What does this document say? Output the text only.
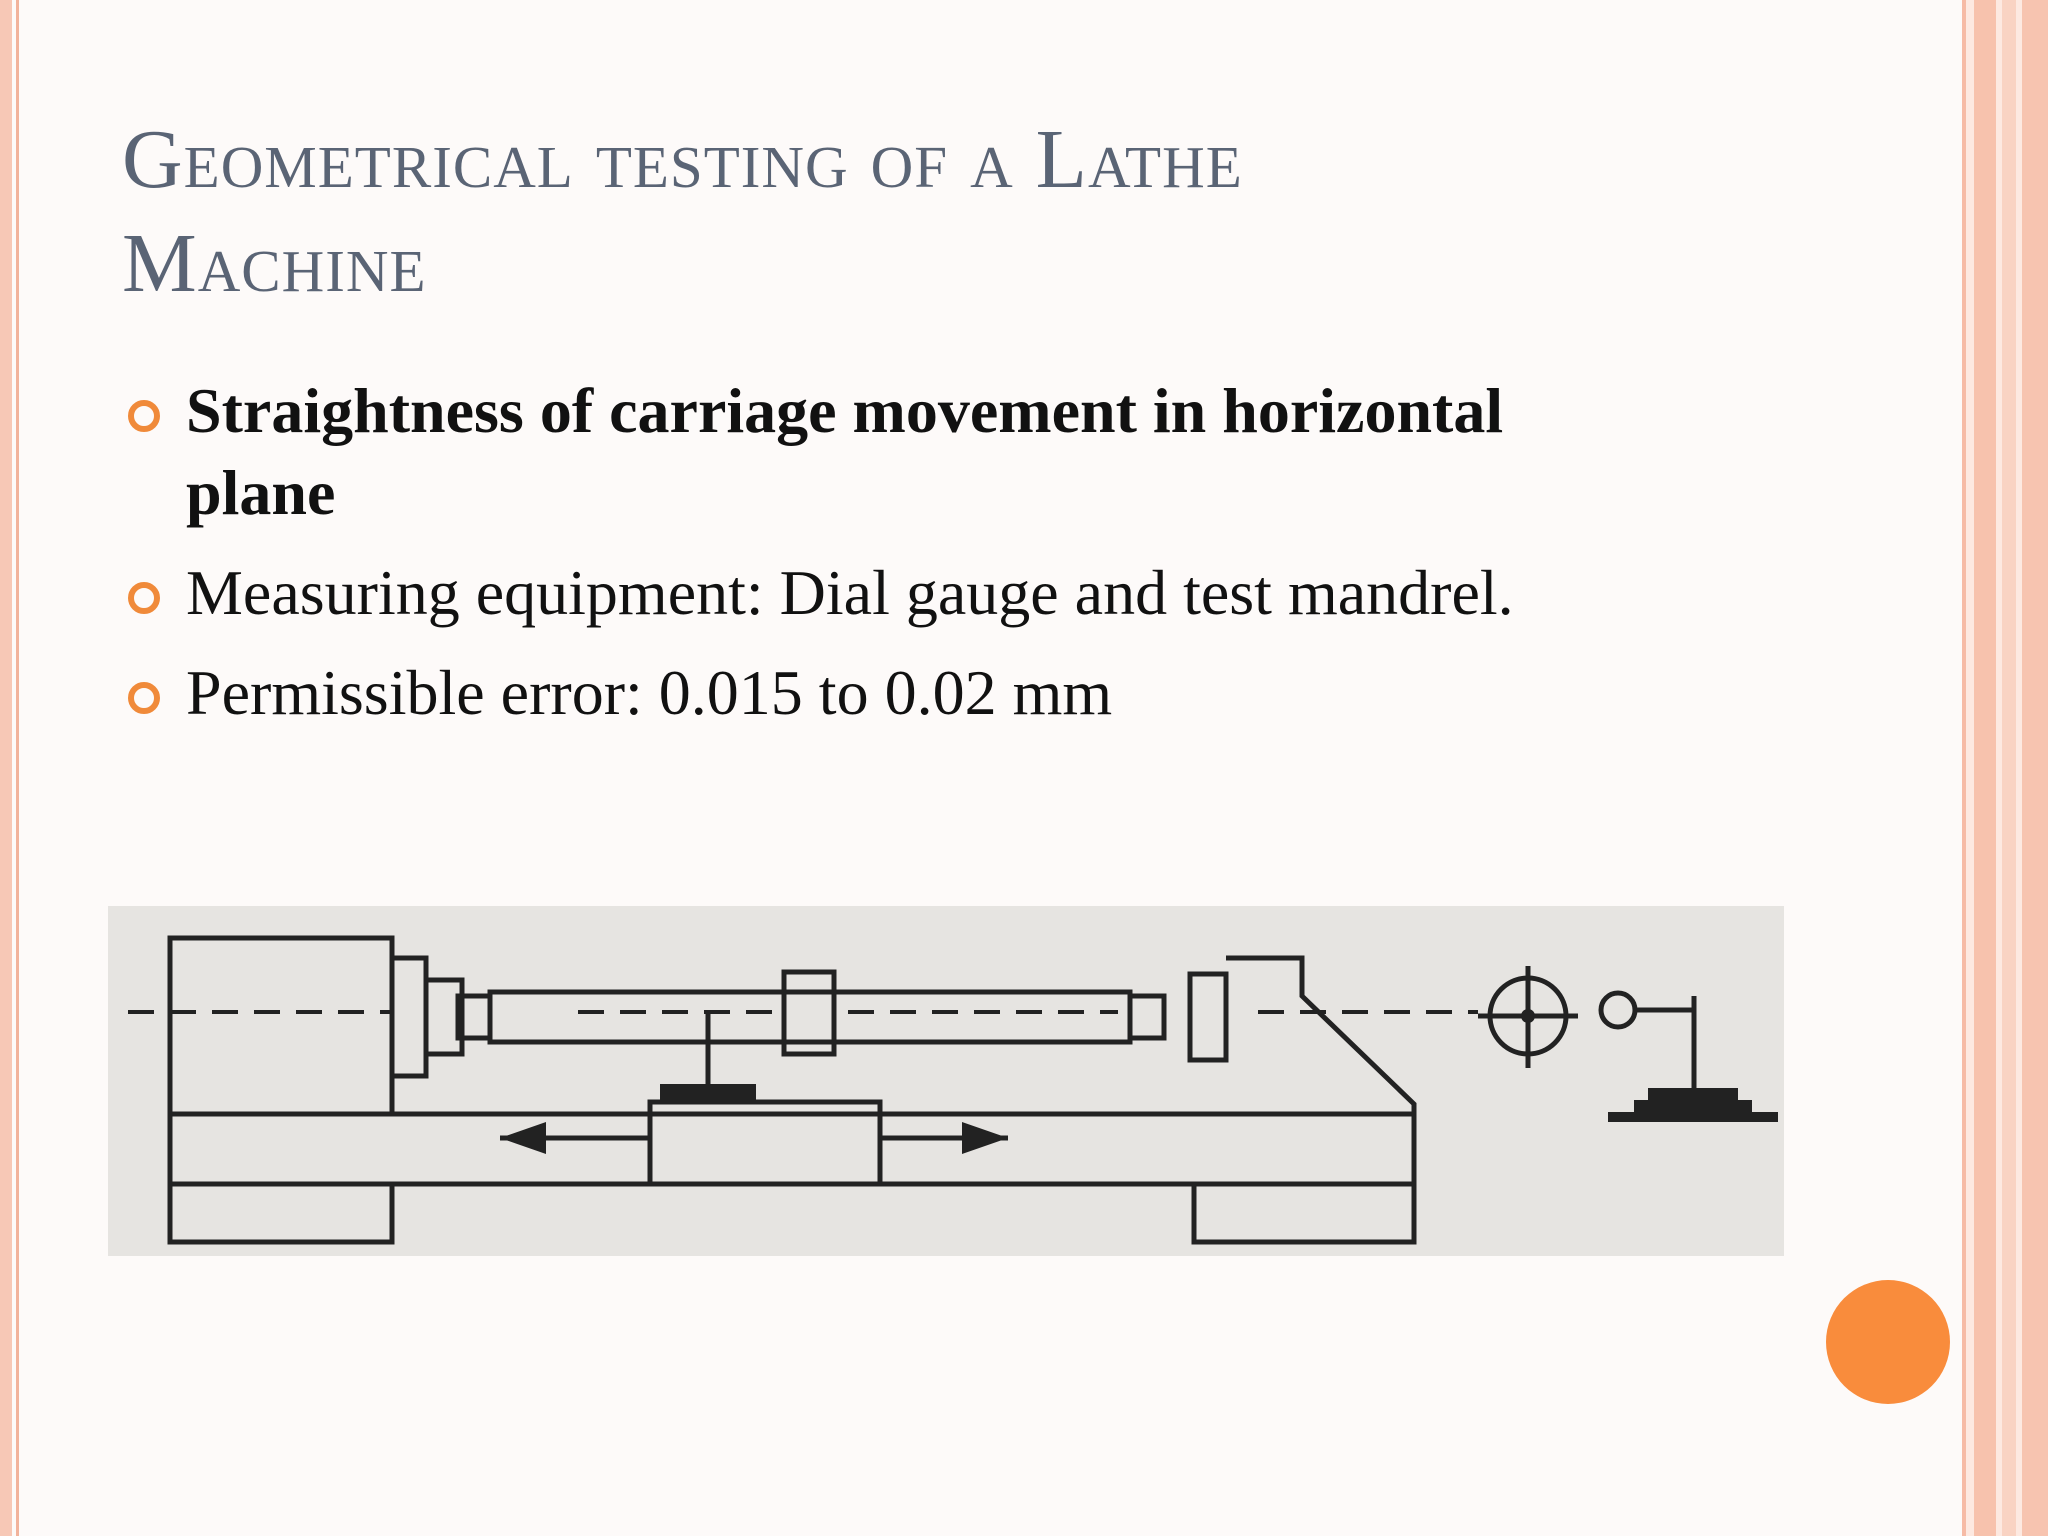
Geometrical testing of a Lathe
Machine
Straightness of carriage movement in horizontal plane
Measuring equipment: Dial gauge and test mandrel.
Permissible error: 0.015 to 0.02 mm
